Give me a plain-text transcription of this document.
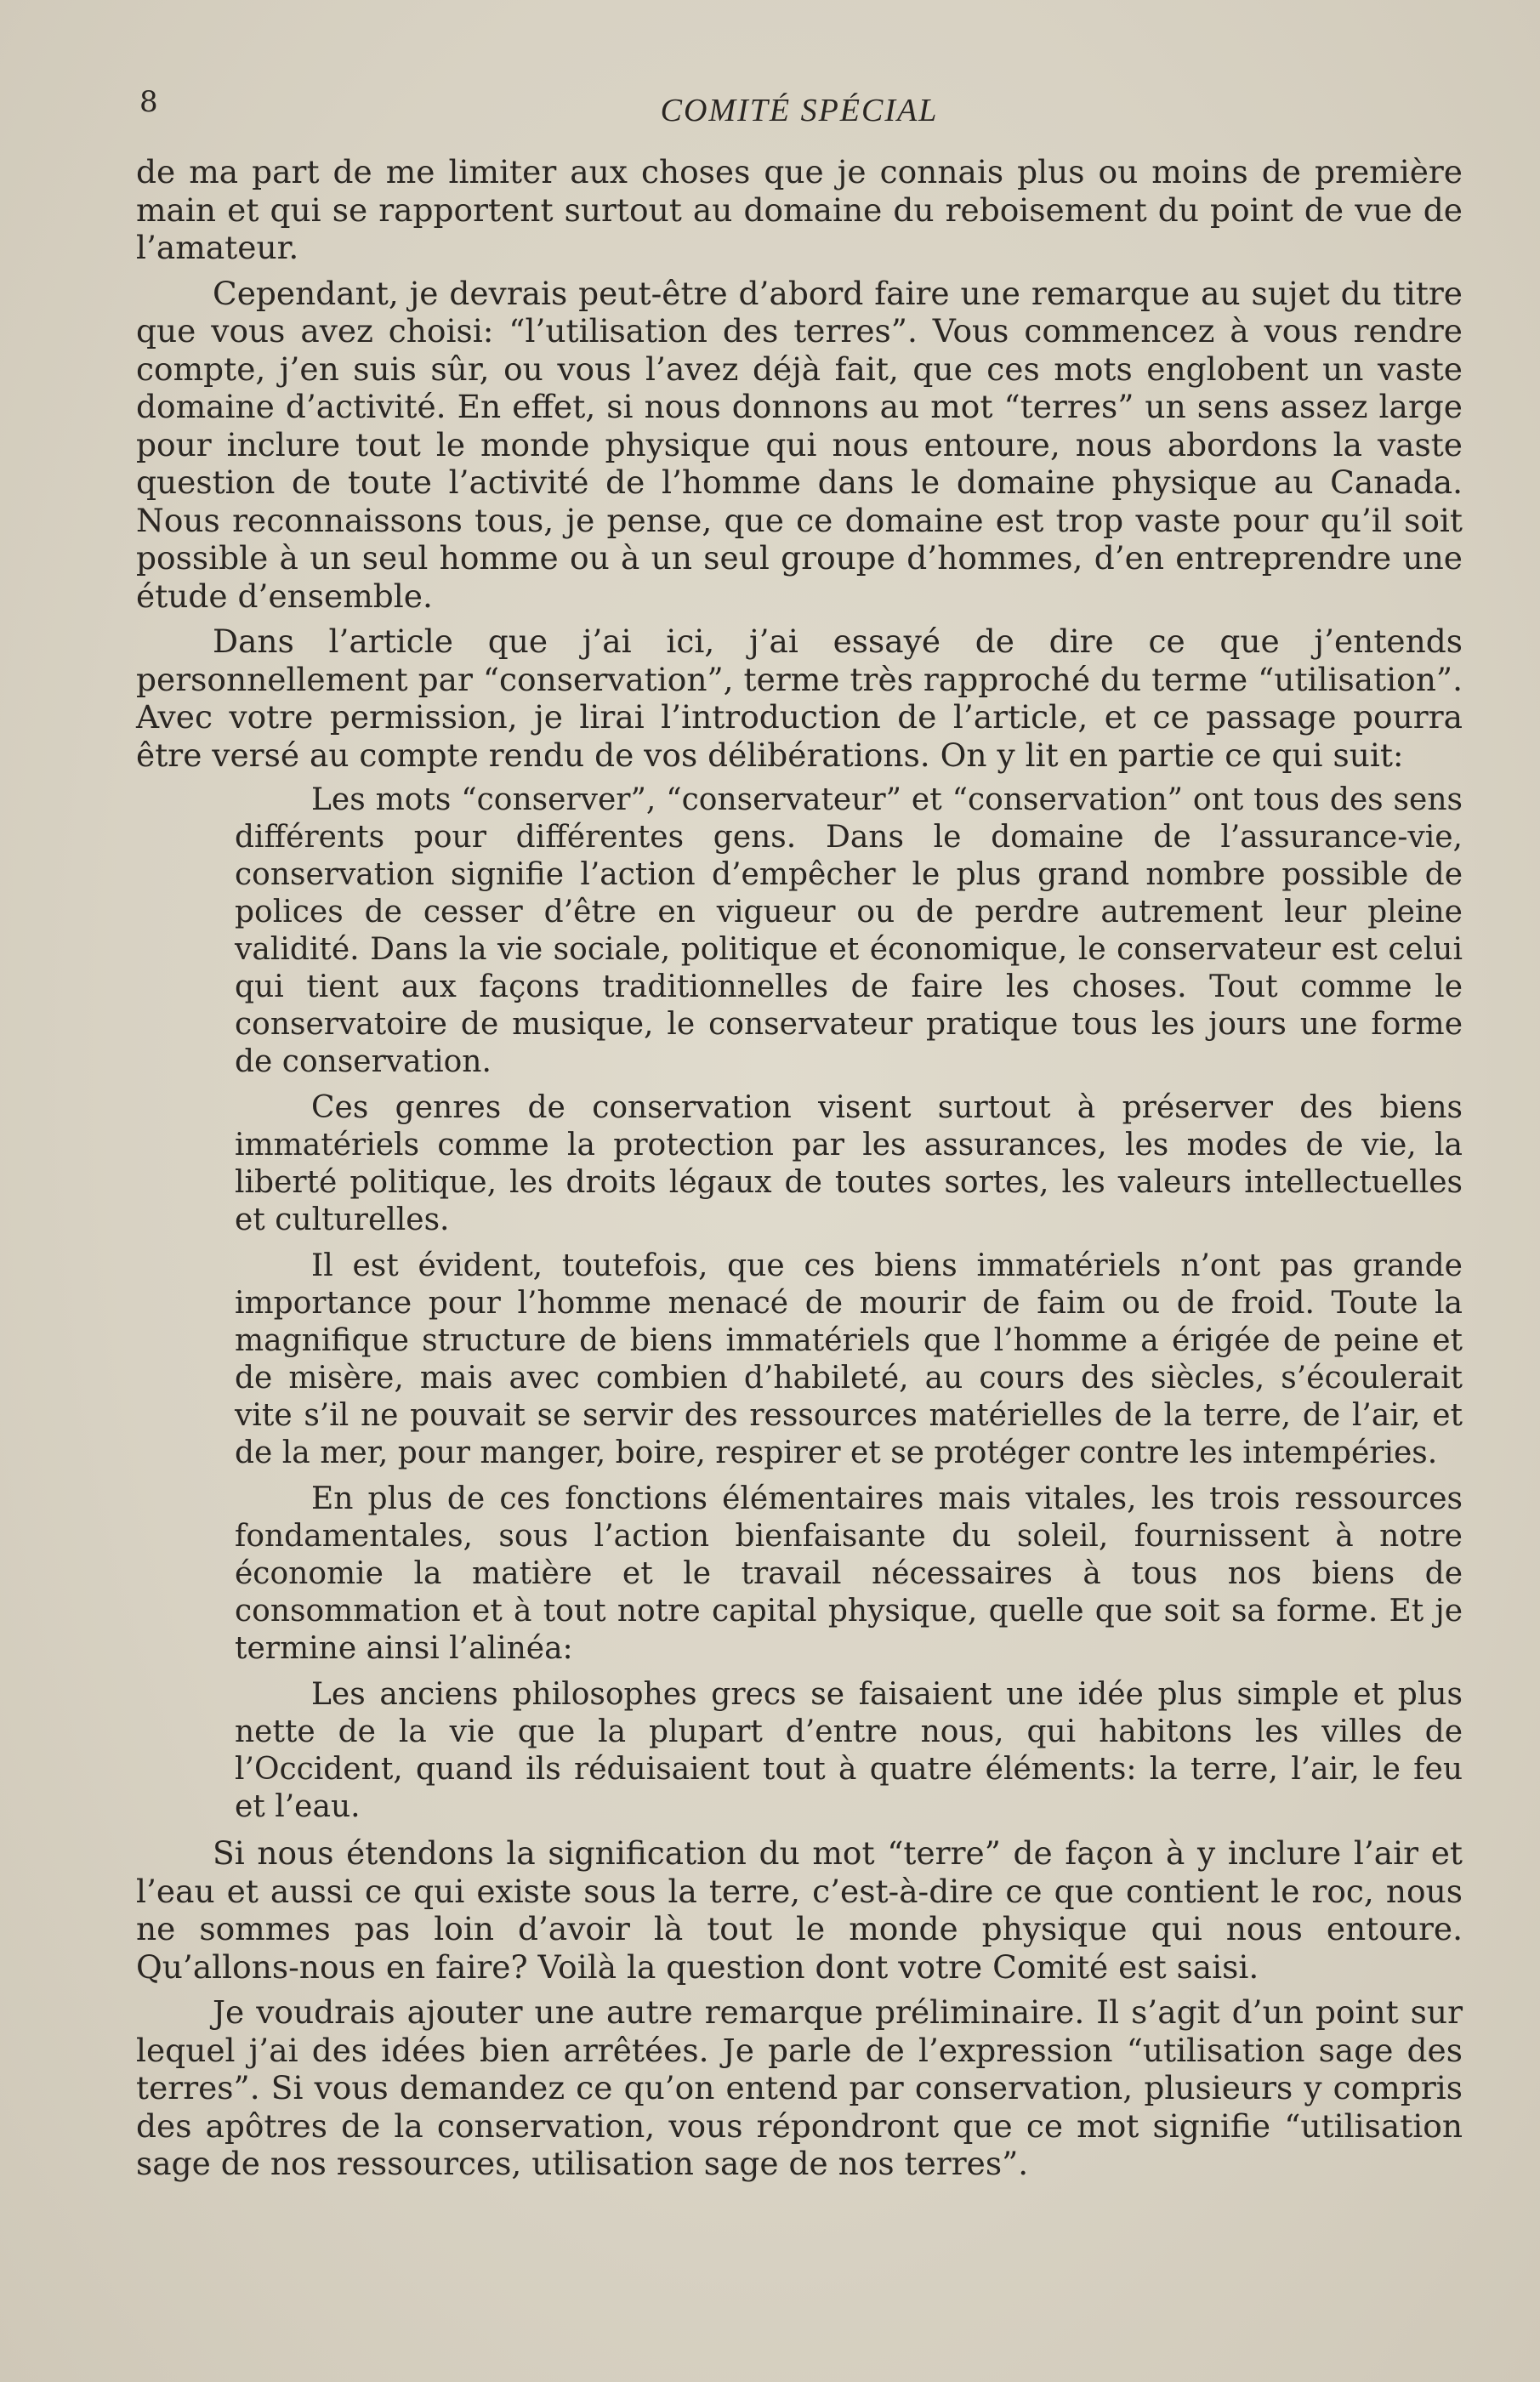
8	COMITÉ SPÉCIAL

de ma part de me limiter aux choses que je connais plus ou moins de première main et qui se rapportent surtout au domaine du reboisement du point de vue de l’amateur.

Cependant, je devrais peut-être d’abord faire une remarque au sujet du titre que vous avez choisi: “l’utilisation des terres”. Vous commencez à vous rendre compte, j’en suis sûr, ou vous l’avez déjà fait, que ces mots englobent un vaste domaine d’activité. En effet, si nous donnons au mot “terres” un sens assez large pour inclure tout le monde physique qui nous entoure, nous abordons la vaste question de toute l’activité de l’homme dans le domaine physique au Canada. Nous reconnaissons tous, je pense, que ce domaine est trop vaste pour qu’il soit possible à un seul homme ou à un seul groupe d’hommes, d’en entreprendre une étude d’ensemble.

Dans l’article que j’ai ici, j’ai essayé de dire ce que j’entends personnellement par “conservation”, terme très rapproché du terme “utilisation”. Avec votre permission, je lirai l’introduction de l’article, et ce passage pourra être versé au compte rendu de vos délibérations. On y lit en partie ce qui suit:

Les mots “conserver”, “conservateur” et “conservation” ont tous des sens différents pour différentes gens. Dans le domaine de l’assurance-vie, conservation signifie l’action d’empêcher le plus grand nombre possible de polices de cesser d’être en vigueur ou de perdre autrement leur pleine validité. Dans la vie sociale, politique et économique, le conservateur est celui qui tient aux façons traditionnelles de faire les choses. Tout comme le conservatoire de musique, le conservateur pratique tous les jours une forme de conservation.

Ces genres de conservation visent surtout à préserver des biens immatériels comme la protection par les assurances, les modes de vie, la liberté politique, les droits légaux de toutes sortes, les valeurs intellectuelles et culturelles.

Il est évident, toutefois, que ces biens immatériels n’ont pas grande importance pour l’homme menacé de mourir de faim ou de froid. Toute la magnifique structure de biens immatériels que l’homme a érigée de peine et de misère, mais avec combien d’habileté, au cours des siècles, s’écoulerait vite s’il ne pouvait se servir des ressources matérielles de la terre, de l’air, et de la mer, pour manger, boire, respirer et se protéger contre les intempéries.

En plus de ces fonctions élémentaires mais vitales, les trois ressources fondamentales, sous l’action bienfaisante du soleil, fournissent à notre économie la matière et le travail nécessaires à tous nos biens de consommation et à tout notre capital physique, quelle que soit sa forme. Et je termine ainsi l’alinéa:

Les anciens philosophes grecs se faisaient une idée plus simple et plus nette de la vie que la plupart d’entre nous, qui habitons les villes de l’Occident, quand ils réduisaient tout à quatre éléments: la terre, l’air, le feu et l’eau.

Si nous étendons la signification du mot “terre” de façon à y inclure l’air et l’eau et aussi ce qui existe sous la terre, c’est-à-dire ce que contient le roc, nous ne sommes pas loin d’avoir là tout le monde physique qui nous entoure. Qu’allons-nous en faire? Voilà la question dont votre Comité est saisi.

Je voudrais ajouter une autre remarque préliminaire. Il s’agit d’un point sur lequel j’ai des idées bien arrêtées. Je parle de l’expression “utilisation sage des terres”. Si vous demandez ce qu’on entend par conservation, plusieurs y compris des apôtres de la conservation, vous répondront que ce mot signifie “utilisation sage de nos ressources, utilisation sage de nos terres”.
